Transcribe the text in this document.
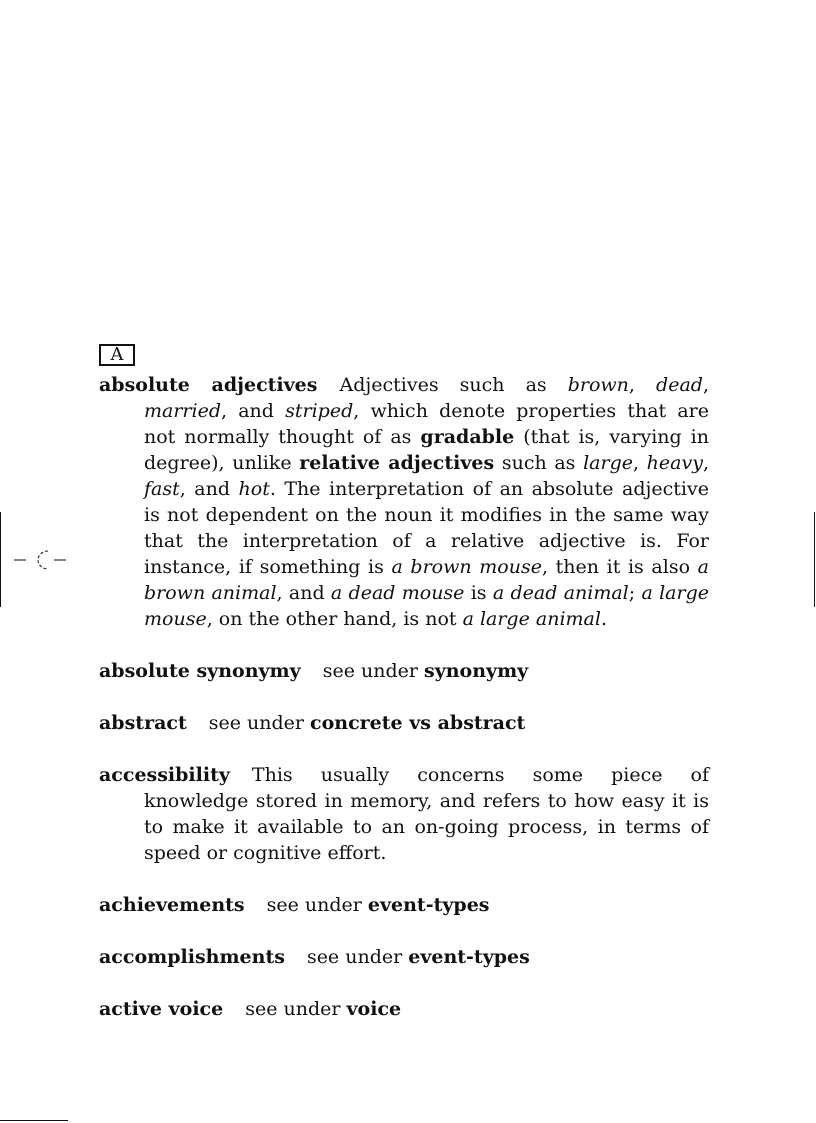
A

absolute adjectives Adjectives such as brown, dead, married, and striped, which denote properties that are not normally thought of as gradable (that is, varying in degree), unlike relative adjectives such as large, heavy, fast, and hot. The interpretation of an absolute adjective is not dependent on the noun it modifies in the same way that the interpretation of a relative adjective is. For instance, if something is a brown mouse, then it is also a brown animal, and a dead mouse is a dead animal; a large mouse, on the other hand, is not a large animal.

absolute synonymy see under synonymy

abstract see under concrete vs abstract

accessibility This usually concerns some piece of knowledge stored in memory, and refers to how easy it is to make it available to an on-going process, in terms of speed or cognitive effort.

achievements see under event-types

accomplishments see under event-types

active voice see under voice
